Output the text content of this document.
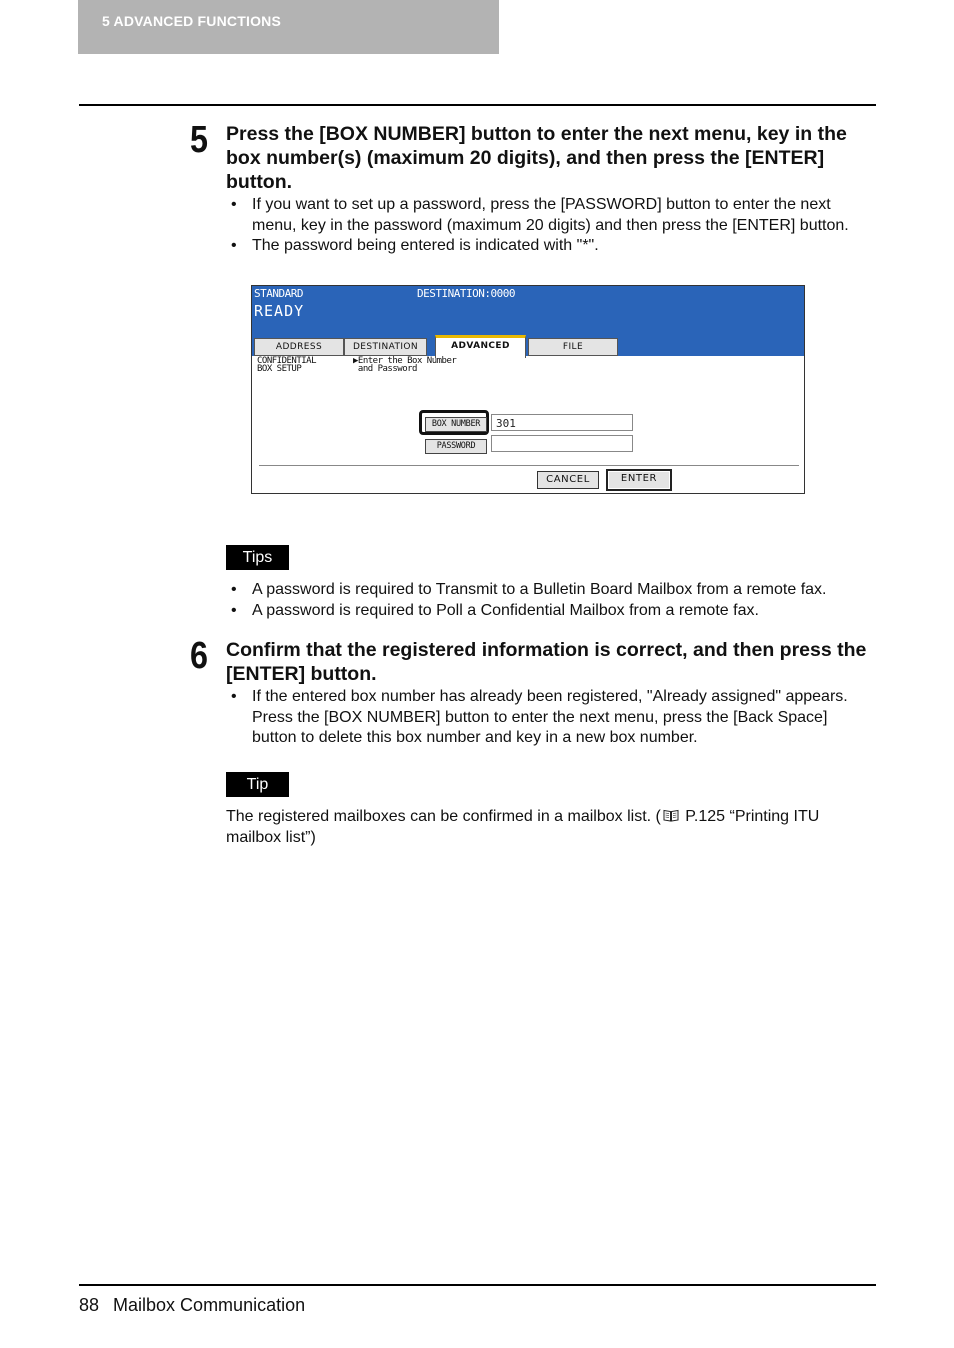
5 ADVANCED FUNCTIONS
5 Press the [BOX NUMBER] button to enter the next menu, key in the box number(s) (maximum 20 digits), and then press the [ENTER] button.
• If you want to set up a password, press the [PASSWORD] button to enter the next menu, key in the password (maximum 20 digits) and then press the [ENTER] button.
• The password being entered is indicated with "*".
STANDARD	DESTINATION:0000
READY
ADDRESS	DESTINATION	ADVANCED	FILE
CONFIDENTIAL
BOX SETUP
▶Enter the Box Number
and Password
BOX NUMBER	301
PASSWORD
CANCEL	ENTER
Tips
• A password is required to Transmit to a Bulletin Board Mailbox from a remote fax.
• A password is required to Poll a Confidential Mailbox from a remote fax.
6 Confirm that the registered information is correct, and then press the [ENTER] button.
• If the entered box number has already been registered, "Already assigned" appears. Press the [BOX NUMBER] button to enter the next menu, press the [Back Space] button to delete this box number and key in a new box number.
Tip
The registered mailboxes can be confirmed in a mailbox list. ( P.125 “Printing ITU mailbox list”)
88 Mailbox Communication
